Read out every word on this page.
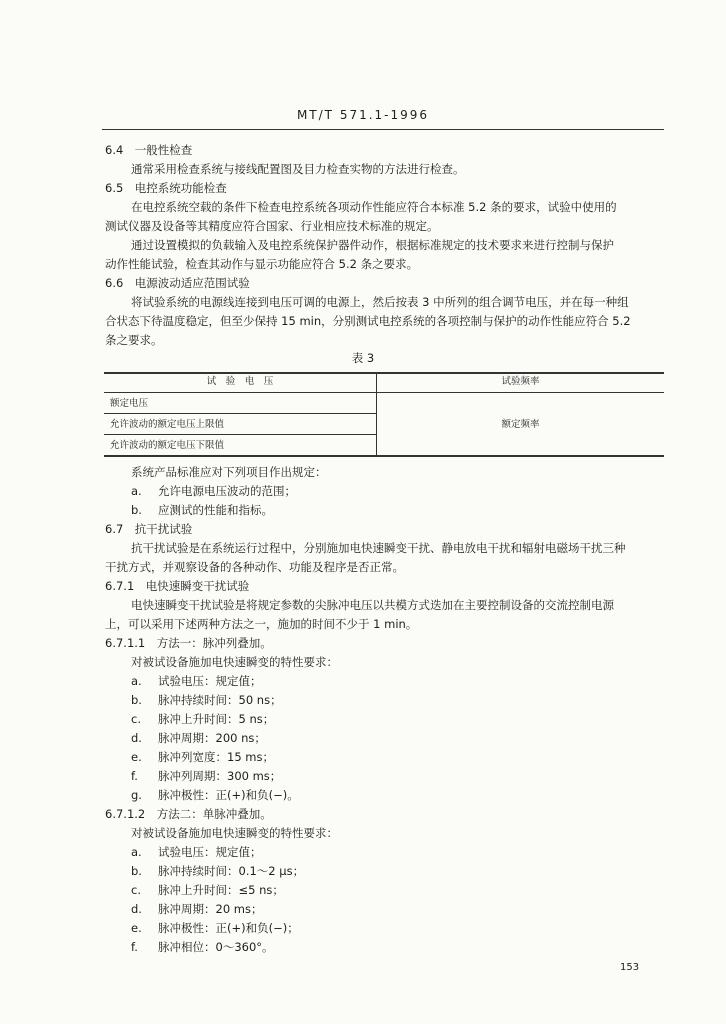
MT/T 571.1-1996
6.4　一般性检查
通常采用检查系统与接线配置图及目力检查实物的方法进行检查。
6.5　电控系统功能检查
在电控系统空载的条件下检查电控系统各项动作性能应符合本标准 5.2 条的要求，试验中使用的
测试仪器及设备等其精度应符合国家、行业相应技术标准的规定。
通过设置模拟的负载输入及电控系统保护器件动作，根据标准规定的技术要求来进行控制与保护
动作性能试验，检查其动作与显示功能应符合 5.2 条之要求。
6.6　电源波动适应范围试验
将试验系统的电源线连接到电压可调的电源上，然后按表 3 中所列的组合调节电压，并在每一种组
合状态下待温度稳定，但至少保持 15 min，分别测试电控系统的各项控制与保护的动作性能应符合 5.2
条之要求。
表 3
试　验　电　压	试验频率
额定电压
允许波动的额定电压上限值
允许波动的额定电压下限值
额定频率
系统产品标准应对下列项目作出规定：
a. 允许电源电压波动的范围；
b. 应测试的性能和指标。
6.7　抗干扰试验
抗干扰试验是在系统运行过程中，分别施加电快速瞬变干扰、静电放电干扰和辐射电磁场干扰三种
干扰方式，并观察设备的各种动作、功能及程序是否正常。
6.7.1　电快速瞬变干扰试验
电快速瞬变干扰试验是将规定参数的尖脉冲电压以共模方式迭加在主要控制设备的交流控制电源
上，可以采用下述两种方法之一，施加的时间不少于 1 min。
6.7.1.1　方法一：脉冲列叠加。
对被试设备施加电快速瞬变的特性要求：
a. 试验电压：规定值；
b. 脉冲持续时间：50 ns；
c. 脉冲上升时间：5 ns；
d. 脉冲周期：200 ns；
e. 脉冲列宽度：15 ms；
f. 脉冲列周期：300 ms；
g. 脉冲极性：正(+)和负(−)。
6.7.1.2　方法二：单脉冲叠加。
对被试设备施加电快速瞬变的特性要求：
a. 试验电压：规定值；
b. 脉冲持续时间：0.1～2 μs；
c. 脉冲上升时间：≤5 ns；
d. 脉冲周期：20 ms；
e. 脉冲极性：正(+)和负(−)；
f. 脉冲相位：0～360°。
153
